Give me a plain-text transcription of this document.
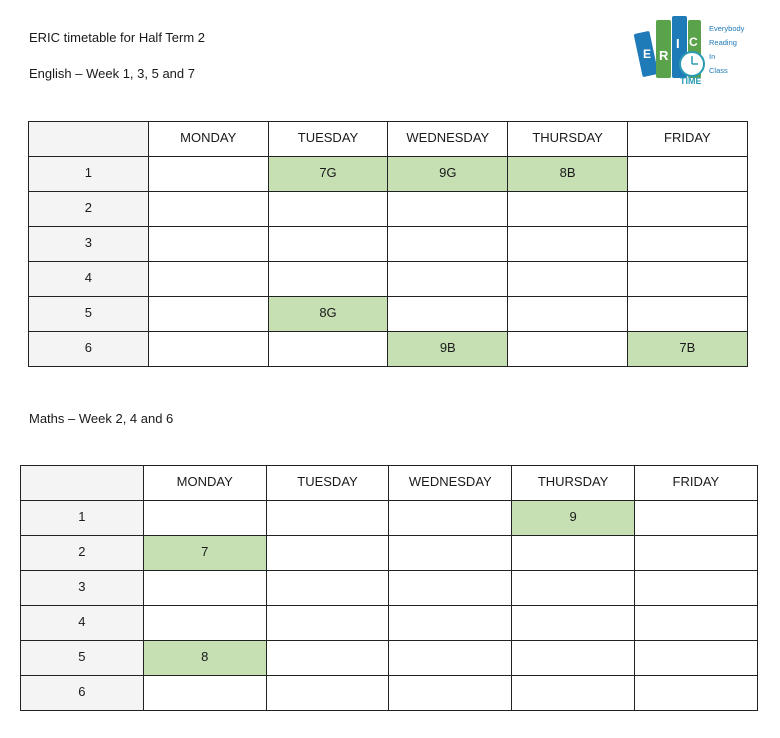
ERIC timetable for Half Term 2
English – Week 1, 3, 5 and 7
E R
I C
TIME
Everybody
Reading
In
Class
	MONDAY	TUESDAY	WEDNESDAY	THURSDAY	FRIDAY
1		7G	9G	8B	
2					
3					
4					
5		8G			
6			9B		7B
Maths – Week 2, 4 and 6
	MONDAY	TUESDAY	WEDNESDAY	THURSDAY	FRIDAY
1				9	
2	7				
3					
4					
5	8				
6					
